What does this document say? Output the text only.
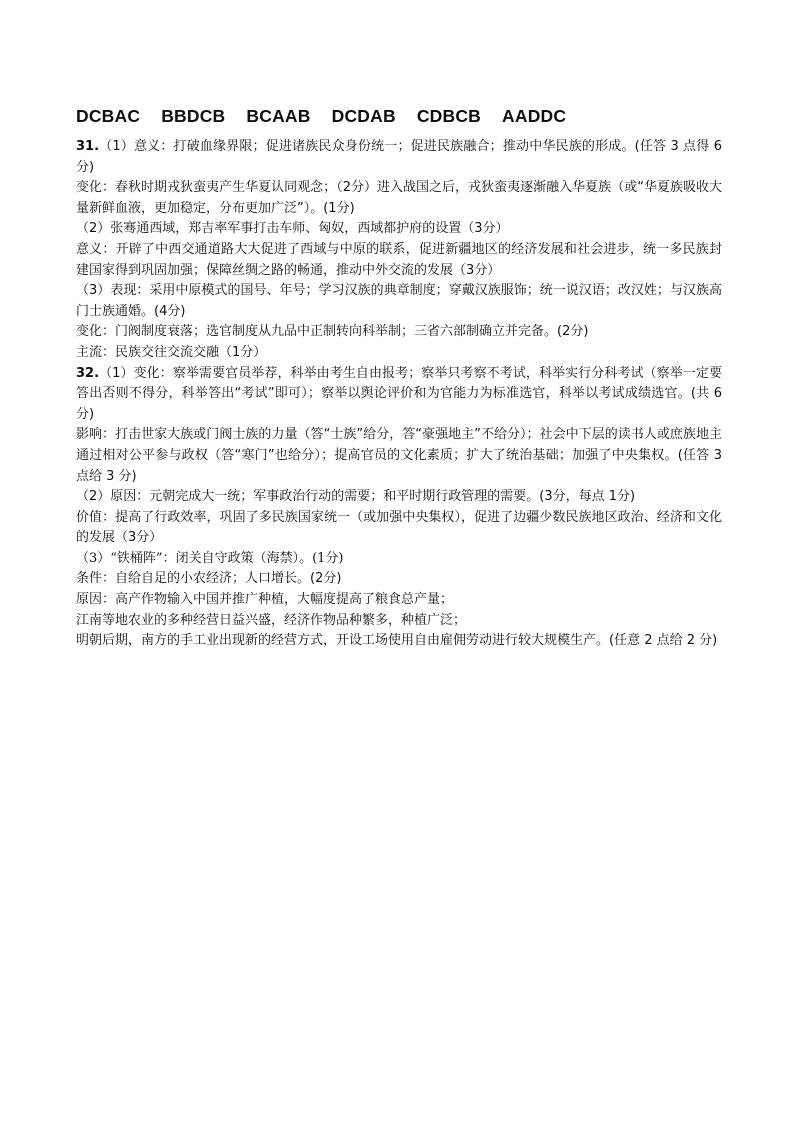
DCBAC BBDCB BCAAB DCDAB CDBCB AADDC

31.（1）意义：打破血缘界限；促进诸族民众身份统一；促进民族融合；推动中华民族的形成。(任答 3 点得 6 分)

变化：春秋时期戎狄蛮夷产生华夏认同观念；（2分）进入战国之后，戎狄蛮夷逐渐融入华夏族（或“华夏族吸收大量新鲜血液，更加稳定，分布更加广泛”）。(1分)

（2）张骞通西域，郑吉率军事打击车师、匈奴，西域都护府的设置（3分）

意义：开辟了中西交通道路大大促进了西域与中原的联系，促进新疆地区的经济发展和社会进步，统一多民族封建国家得到巩固加强；保障丝绸之路的畅通，推动中外交流的发展（3分）

（3）表现：采用中原模式的国号、年号；学习汉族的典章制度；穿戴汉族服饰；统一说汉语；改汉姓；与汉族高门士族通婚。(4分)

变化：门阀制度衰落；选官制度从九品中正制转向科举制；三省六部制确立并完备。(2分)

主流：民族交往交流交融（1分）

32.（1）变化：察举需要官员举荐，科举由考生自由报考；察举只考察不考试，科举实行分科考试（察举一定要答出否则不得分，科举答出“考试”即可）；察举以舆论评价和为官能力为标准选官，科举以考试成绩选官。(共 6 分)

影响：打击世家大族或门阀士族的力量（答“士族”给分，答“豪强地主”不给分）；社会中下层的读书人或庶族地主通过相对公平参与政权（答“寒门”也给分）；提高官员的文化素质；扩大了统治基础；加强了中央集权。(任答 3 点给 3 分)

（2）原因：元朝完成大一统；军事政治行动的需要；和平时期行政管理的需要。(3分，每点 1分)

价值：提高了行政效率，巩固了多民族国家统一（或加强中央集权），促进了边疆少数民族地区政治、经济和文化的发展（3分）

（3）“铁桶阵”：闭关自守政策（海禁）。(1分)

条件：自给自足的小农经济；人口增长。(2分)

原因：高产作物输入中国并推广种植，大幅度提高了粮食总产量；

江南等地农业的多种经营日益兴盛，经济作物品种繁多，种植广泛；

明朝后期，南方的手工业出现新的经营方式，开设工场使用自由雇佣劳动进行较大规模生产。(任意 2 点给 2 分)
